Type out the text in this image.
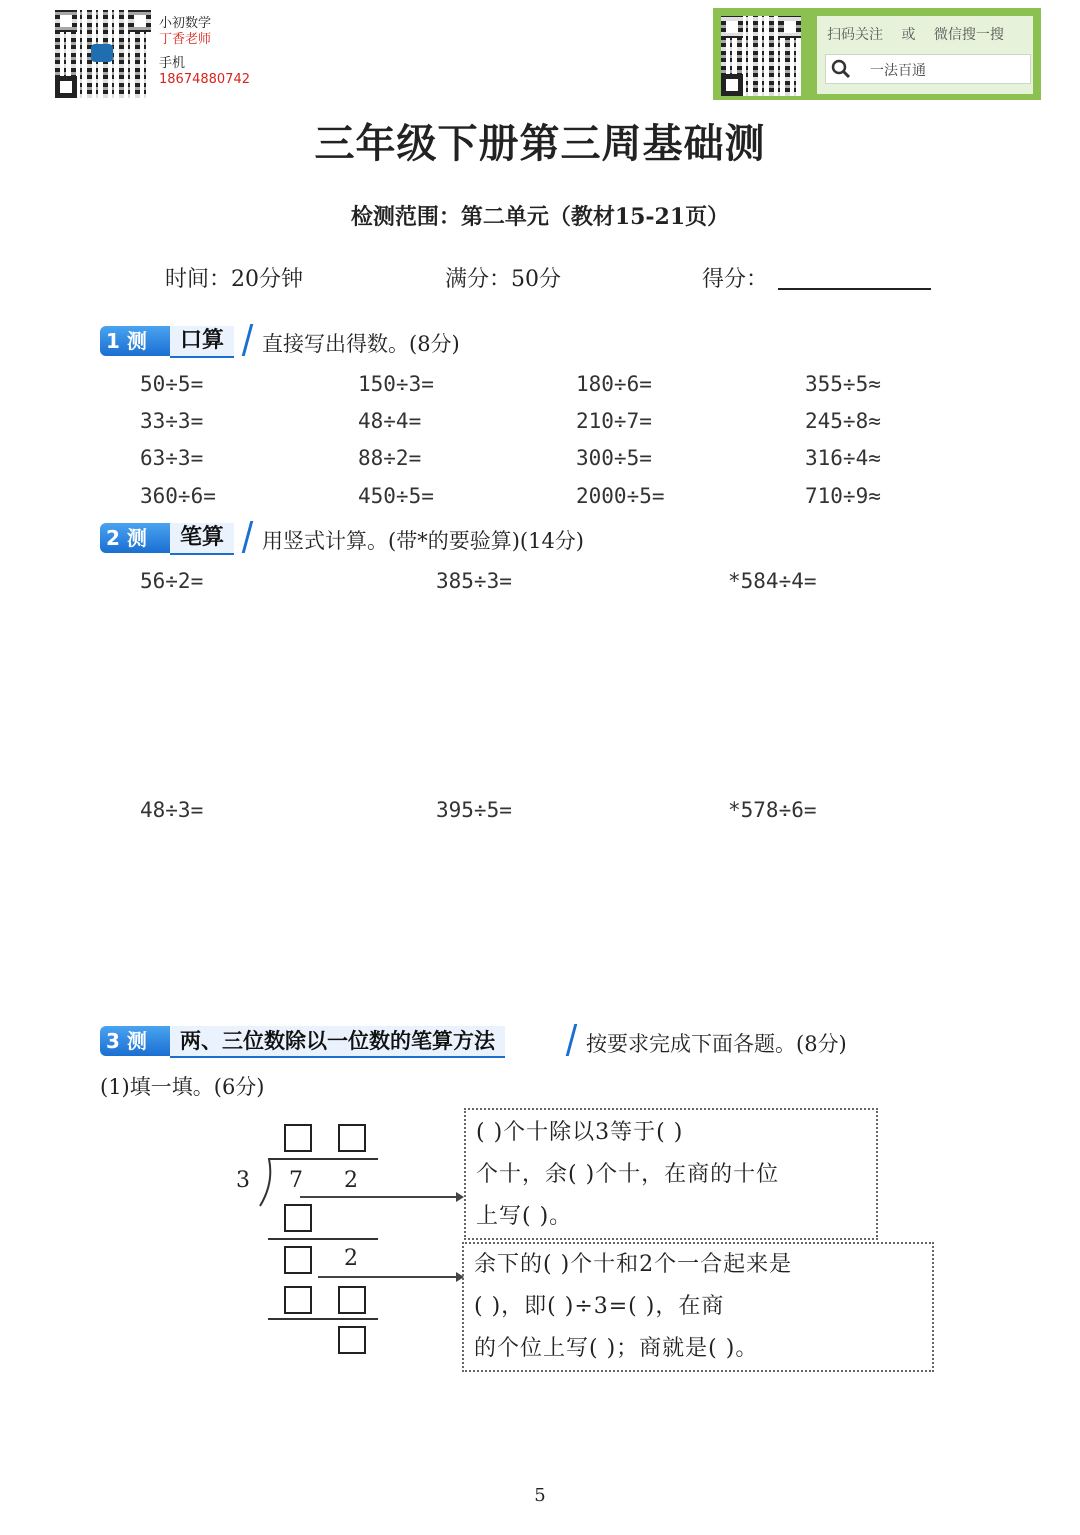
小初数学
丁香老师
手机
18674880742
扫码关注 或 微信搜一搜
一法百通
三年级下册第三周基础测
检测范围：第二单元（教材15-21页）
时间：20分钟	满分：50分	得分：
1 测	口算	直接写出得数。(8分)
50÷5=	150÷3=	180÷6=	355÷5≈
33÷3=	48÷4=	210÷7=	245÷8≈
63÷3=	88÷2=	300÷5=	316÷4≈
360÷6=	450÷5=	2000÷5=	710÷9≈
2 测	笔算	用竖式计算。(带*的要验算)(14分)
56÷2=	385÷3=	*584÷4=
48÷3=	395÷5=	*578÷6=
3 测	两、三位数除以一位数的笔算方法	按要求完成下面各题。(8分)
(1)填一填。(6分)
3 7 2
2
( )个十除以3等于( )
个十，余( )个十，在商的十位
上写( )。
余下的( )个十和2个一合起来是
( )，即( )÷3=( )，在商
的个位上写( )；商就是( )。
5
